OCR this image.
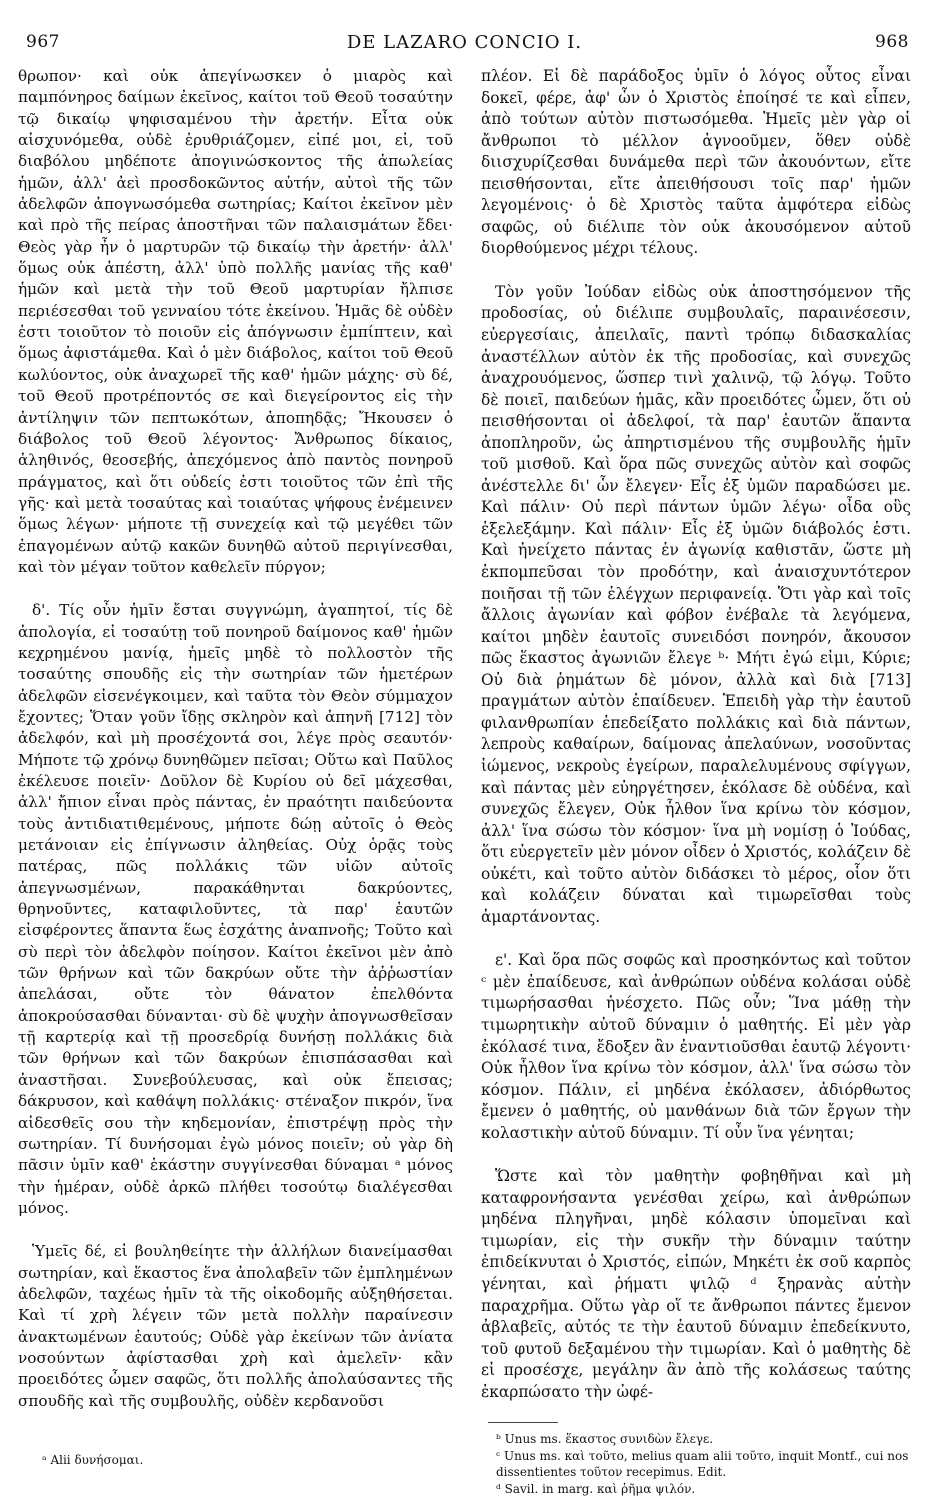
967	DE LAZARO CONCIO I.	968

θρωπον· καὶ οὐκ ἀπεγίνωσκεν ὁ μιαρὸς καὶ παμπόνηρος δαίμων ἐκεῖνος, καίτοι τοῦ Θεοῦ τοσαύτην τῷ δικαίῳ ψηφισαμένου τὴν ἀρετήν. Εἶτα οὐκ αἰσχυνόμεθα, οὐδὲ ἐρυθριάζομεν, εἰπέ μοι, εἰ, τοῦ διαβόλου μηδέποτε ἀπογινώσκοντος τῆς ἀπωλείας ἡμῶν, ἀλλ' ἀεὶ προσδοκῶντος αὐτήν, αὐτοὶ τῆς τῶν ἀδελφῶν ἀπογνωσόμεθα σωτηρίας; Καίτοι ἐκεῖνον μὲν καὶ πρὸ τῆς πείρας ἀποστῆναι τῶν παλαισμάτων ἔδει· Θεὸς γὰρ ἦν ὁ μαρτυρῶν τῷ δικαίῳ τὴν ἀρετήν· ἀλλ' ὅμως οὐκ ἀπέστη, ἀλλ' ὑπὸ πολλῆς μανίας τῆς καθ' ἡμῶν καὶ μετὰ τὴν τοῦ Θεοῦ μαρτυρίαν ἤλπισε περιέσεσθαι τοῦ γενναίου τότε ἐκείνου. Ἡμᾶς δὲ οὐδὲν ἐστι τοιοῦτον τὸ ποιοῦν εἰς ἀπόγνωσιν ἐμπίπτειν, καὶ ὅμως ἀφιστάμεθα. Καὶ ὁ μὲν διάβολος, καίτοι τοῦ Θεοῦ κωλύοντος, οὐκ ἀναχωρεῖ τῆς καθ' ἡμῶν μάχης· σὺ δέ, τοῦ Θεοῦ προτρέποντός σε καὶ διεγείροντος εἰς τὴν ἀντίληψιν τῶν πεπτωκότων, ἀποπηδᾷς; Ἤκουσεν ὁ διάβολος τοῦ Θεοῦ λέγοντος· Ἄνθρωπος δίκαιος, ἀληθινός, θεοσεβής, ἀπεχόμενος ἀπὸ παντὸς πονηροῦ πράγματος, καὶ ὅτι οὐδείς ἐστι τοιοῦτος τῶν ἐπὶ τῆς γῆς· καὶ μετὰ τοσαύτας καὶ τοιαύτας ψήφους ἐνέμεινεν ὅμως λέγων· μήποτε τῇ συνεχείᾳ καὶ τῷ μεγέθει τῶν ἐπαγομένων αὐτῷ κακῶν δυνηθῶ αὐτοῦ περιγίνεσθαι, καὶ τὸν μέγαν τοῦτον καθελεῖν πύργον;

δ'. Τίς οὖν ἡμῖν ἔσται συγγνώμη, ἀγαπητοί, τίς δὲ ἀπολογία, εἰ τοσαύτῃ τοῦ πονηροῦ δαίμονος καθ' ἡμῶν κεχρημένου μανίᾳ, ἡμεῖς μηδὲ τὸ πολλοστὸν τῆς τοσαύτης σπουδῆς εἰς τὴν σωτηρίαν τῶν ἡμετέρων ἀδελφῶν εἰσενέγκοιμεν, καὶ ταῦτα τὸν Θεὸν σύμμαχον ἔχοντες; Ὅταν γοῦν ἴδῃς σκληρὸν καὶ ἀπηνῆ [712] τὸν ἀδελφόν, καὶ μὴ προσέχοντά σοι, λέγε πρὸς σεαυτόν· Μήποτε τῷ χρόνῳ δυνηθῶμεν πεῖσαι; Οὕτω καὶ Παῦλος ἐκέλευσε ποιεῖν· Δοῦλον δὲ Κυρίου οὐ δεῖ μάχεσθαι, ἀλλ' ἤπιον εἶναι πρὸς πάντας, ἐν πραότητι παιδεύοντα τοὺς ἀντιδιατιθεμένους, μήποτε δώῃ αὐτοῖς ὁ Θεὸς μετάνοιαν εἰς ἐπίγνωσιν ἀληθείας. Οὐχ ὁρᾷς τοὺς πατέρας, πῶς πολλάκις τῶν υἱῶν αὐτοῖς ἀπεγνωσμένων, παρακάθηνται δακρύοντες, θρηνοῦντες, καταφιλοῦντες, τὰ παρ' ἑαυτῶν εἰσφέροντες ἅπαντα ἕως ἐσχάτης ἀναπνοῆς; Τοῦτο καὶ σὺ περὶ τὸν ἀδελφὸν ποίησον. Καίτοι ἐκεῖνοι μὲν ἀπὸ τῶν θρήνων καὶ τῶν δακρύων οὔτε τὴν ἀῤῥωστίαν ἀπελάσαι, οὔτε τὸν θάνατον ἐπελθόντα ἀποκρούσασθαι δύνανται· σὺ δὲ ψυχὴν ἀπογνωσθεῖσαν τῇ καρτερίᾳ καὶ τῇ προσεδρίᾳ δυνήσῃ πολλάκις διὰ τῶν θρήνων καὶ τῶν δακρύων ἐπισπάσασθαι καὶ ἀναστῆσαι. Συνεβούλευσας, καὶ οὐκ ἔπεισας; δάκρυσον, καὶ καθάψη πολλάκις· στέναξον πικρόν, ἵνα αἰδεσθεῖς σου τὴν κηδεμονίαν, ἐπιστρέψῃ πρὸς τὴν σωτηρίαν. Τί δυνήσομαι ἐγὼ μόνος ποιεῖν; οὐ γὰρ δὴ πᾶσιν ὑμῖν καθ' ἑκάστην συγγίνεσθαι δύναμαι ᵃ μόνος τὴν ἡμέραν, οὐδὲ ἀρκῶ πλήθει τοσούτῳ διαλέγεσθαι μόνος.

Ὑμεῖς δέ, εἰ βουληθείητε τὴν ἀλλήλων διανείμασθαι σωτηρίαν, καὶ ἕκαστος ἕνα ἀπολαβεῖν τῶν ἐμπλημένων ἀδελφῶν, ταχέως ἡμῖν τὰ τῆς οἰκοδομῆς αὐξηθήσεται. Καὶ τί χρὴ λέγειν τῶν μετὰ πολλὴν παραίνεσιν ἀνακτωμένων ἑαυτούς; Οὐδὲ γὰρ ἐκείνων τῶν ἀνίατα νοσούντων ἀφίστασθαι χρὴ καὶ ἀμελεῖν· κἂν προειδότες ὦμεν σαφῶς, ὅτι πολλῆς ἀπολαύσαντες τῆς σπουδῆς καὶ τῆς συμβουλῆς, οὐδὲν κερδανοῦσι

πλέον. Εἰ δὲ παράδοξος ὑμῖν ὁ λόγος οὗτος εἶναι δοκεῖ, φέρε, ἀφ' ὧν ὁ Χριστὸς ἐποίησέ τε καὶ εἶπεν, ἀπὸ τούτων αὐτὸν πιστωσόμεθα. Ἡμεῖς μὲν γὰρ οἱ ἄνθρωποι τὸ μέλλον ἀγνοοῦμεν, ὅθεν οὐδὲ διισχυρίζεσθαι δυνάμεθα περὶ τῶν ἀκουόντων, εἴτε πεισθήσονται, εἴτε ἀπειθήσουσι τοῖς παρ' ἡμῶν λεγομένοις· ὁ δὲ Χριστὸς ταῦτα ἀμφότερα εἰδὼς σαφῶς, οὐ διέλιπε τὸν οὐκ ἀκουσόμενον αὐτοῦ διορθούμενος μέχρι τέλους.

Τὸν γοῦν Ἰούδαν εἰδὼς οὐκ ἀποστησόμενον τῆς προδοσίας, οὐ διέλιπε συμβουλαῖς, παραινέσεσιν, εὐεργεσίαις, ἀπειλαῖς, παντὶ τρόπῳ διδασκαλίας ἀναστέλλων αὐτὸν ἐκ τῆς προδοσίας, καὶ συνεχῶς ἀναχρουόμενος, ὥσπερ τινὶ χαλινῷ, τῷ λόγῳ. Τοῦτο δὲ ποιεῖ, παιδεύων ἡμᾶς, κἂν προειδότες ὦμεν, ὅτι οὐ πεισθήσονται οἱ ἀδελφοί, τὰ παρ' ἑαυτῶν ἅπαντα ἀποπληροῦν, ὡς ἀπηρτισμένου τῆς συμβουλῆς ἡμῖν τοῦ μισθοῦ. Καὶ ὅρα πῶς συνεχῶς αὐτὸν καὶ σοφῶς ἀνέστελλε δι' ὧν ἔλεγεν· Εἷς ἐξ ὑμῶν παραδώσει με. Καὶ πάλιν· Οὐ περὶ πάντων ὑμῶν λέγω· οἶδα οὓς ἐξελεξάμην. Καὶ πάλιν· Εἷς ἐξ ὑμῶν διάβολός ἐστι. Καὶ ἠνείχετο πάντας ἐν ἀγωνίᾳ καθιστᾶν, ὥστε μὴ ἐκπομπεῦσαι τὸν προδότην, καὶ ἀναισχυντότερον ποιῆσαι τῇ τῶν ἐλέγχων περιφανείᾳ. Ὅτι γὰρ καὶ τοῖς ἄλλοις ἀγωνίαν καὶ φόβον ἐνέβαλε τὰ λεγόμενα, καίτοι μηδὲν ἑαυτοῖς συνειδόσι πονηρόν, ἄκουσον πῶς ἕκαστος ἀγωνιῶν ἔλεγε ᵇ· Μήτι ἐγώ εἰμι, Κύριε; Οὐ διὰ ῥημάτων δὲ μόνον, ἀλλὰ καὶ διὰ [713] πραγμάτων αὐτὸν ἐπαίδευεν. Ἐπειδὴ γὰρ τὴν ἑαυτοῦ φιλανθρωπίαν ἐπεδείξατο πολλάκις καὶ διὰ πάντων, λεπροὺς καθαίρων, δαίμονας ἀπελαύνων, νοσοῦντας ἰώμενος, νεκροὺς ἐγείρων, παραλελυμένους σφίγγων, καὶ πάντας μὲν εὐηργέτησεν, ἐκόλασε δὲ οὐδένα, καὶ συνεχῶς ἔλεγεν, Οὐκ ἦλθον ἵνα κρίνω τὸν κόσμον, ἀλλ' ἵνα σώσω τὸν κόσμον· ἵνα μὴ νομίσῃ ὁ Ἰούδας, ὅτι εὐεργετεῖν μὲν μόνον οἶδεν ὁ Χριστός, κολάζειν δὲ οὐκέτι, καὶ τοῦτο αὐτὸν διδάσκει τὸ μέρος, οἷον ὅτι καὶ κολάζειν δύναται καὶ τιμωρεῖσθαι τοὺς ἁμαρτάνοντας.

ε'. Καὶ ὅρα πῶς σοφῶς καὶ προσηκόντως καὶ τοῦτον ᶜ μὲν ἐπαίδευσε, καὶ ἀνθρώπων οὐδένα κολάσαι οὐδὲ τιμωρήσασθαι ἠνέσχετο. Πῶς οὖν; Ἵνα μάθῃ τὴν τιμωρητικὴν αὐτοῦ δύναμιν ὁ μαθητής. Εἰ μὲν γὰρ ἐκόλασέ τινα, ἔδοξεν ἂν ἐναντιοῦσθαι ἑαυτῷ λέγοντι· Οὐκ ἦλθον ἵνα κρίνω τὸν κόσμον, ἀλλ' ἵνα σώσω τὸν κόσμον. Πάλιν, εἰ μηδένα ἐκόλασεν, ἀδιόρθωτος ἔμενεν ὁ μαθητής, οὐ μανθάνων διὰ τῶν ἔργων τὴν κολαστικὴν αὐτοῦ δύναμιν. Τί οὖν ἵνα γένηται;

Ὥστε καὶ τὸν μαθητὴν φοβηθῆναι καὶ μὴ καταφρονήσαντα γενέσθαι χείρω, καὶ ἀνθρώπων μηδένα πληγῆναι, μηδὲ κόλασιν ὑπομεῖναι καὶ τιμωρίαν, εἰς τὴν συκῆν τὴν δύναμιν ταύτην ἐπιδείκνυται ὁ Χριστός, εἰπών, Μηκέτι ἐκ σοῦ καρπὸς γένηται, καὶ ῥήματι ψιλῷ ᵈ ξηρανὰς αὐτὴν παραχρῆμα. Οὕτω γὰρ οἵ τε ἄνθρωποι πάντες ἔμενον ἀβλαβεῖς, αὐτός τε τὴν ἑαυτοῦ δύναμιν ἐπεδείκνυτο, τοῦ φυτοῦ δεξαμένου τὴν τιμωρίαν. Καὶ ὁ μαθητὴς δὲ εἰ προσέσχε, μεγάλην ἂν ἀπὸ τῆς κολάσεως ταύτης ἐκαρπώσατο τὴν ὠφέ-

ᵃ Alii δυνήσομαι.
ᵇ Unus ms. ἕκαστος συνιδὼν ἔλεγε.
ᶜ Unus ms. καὶ τοῦτο, melius quam alii τοῦτο, inquit Montf., cui nos dissentientes τοῦτον recepimus. Edit.
ᵈ Savil. in marg. καὶ ῥῆμα ψιλόν.
